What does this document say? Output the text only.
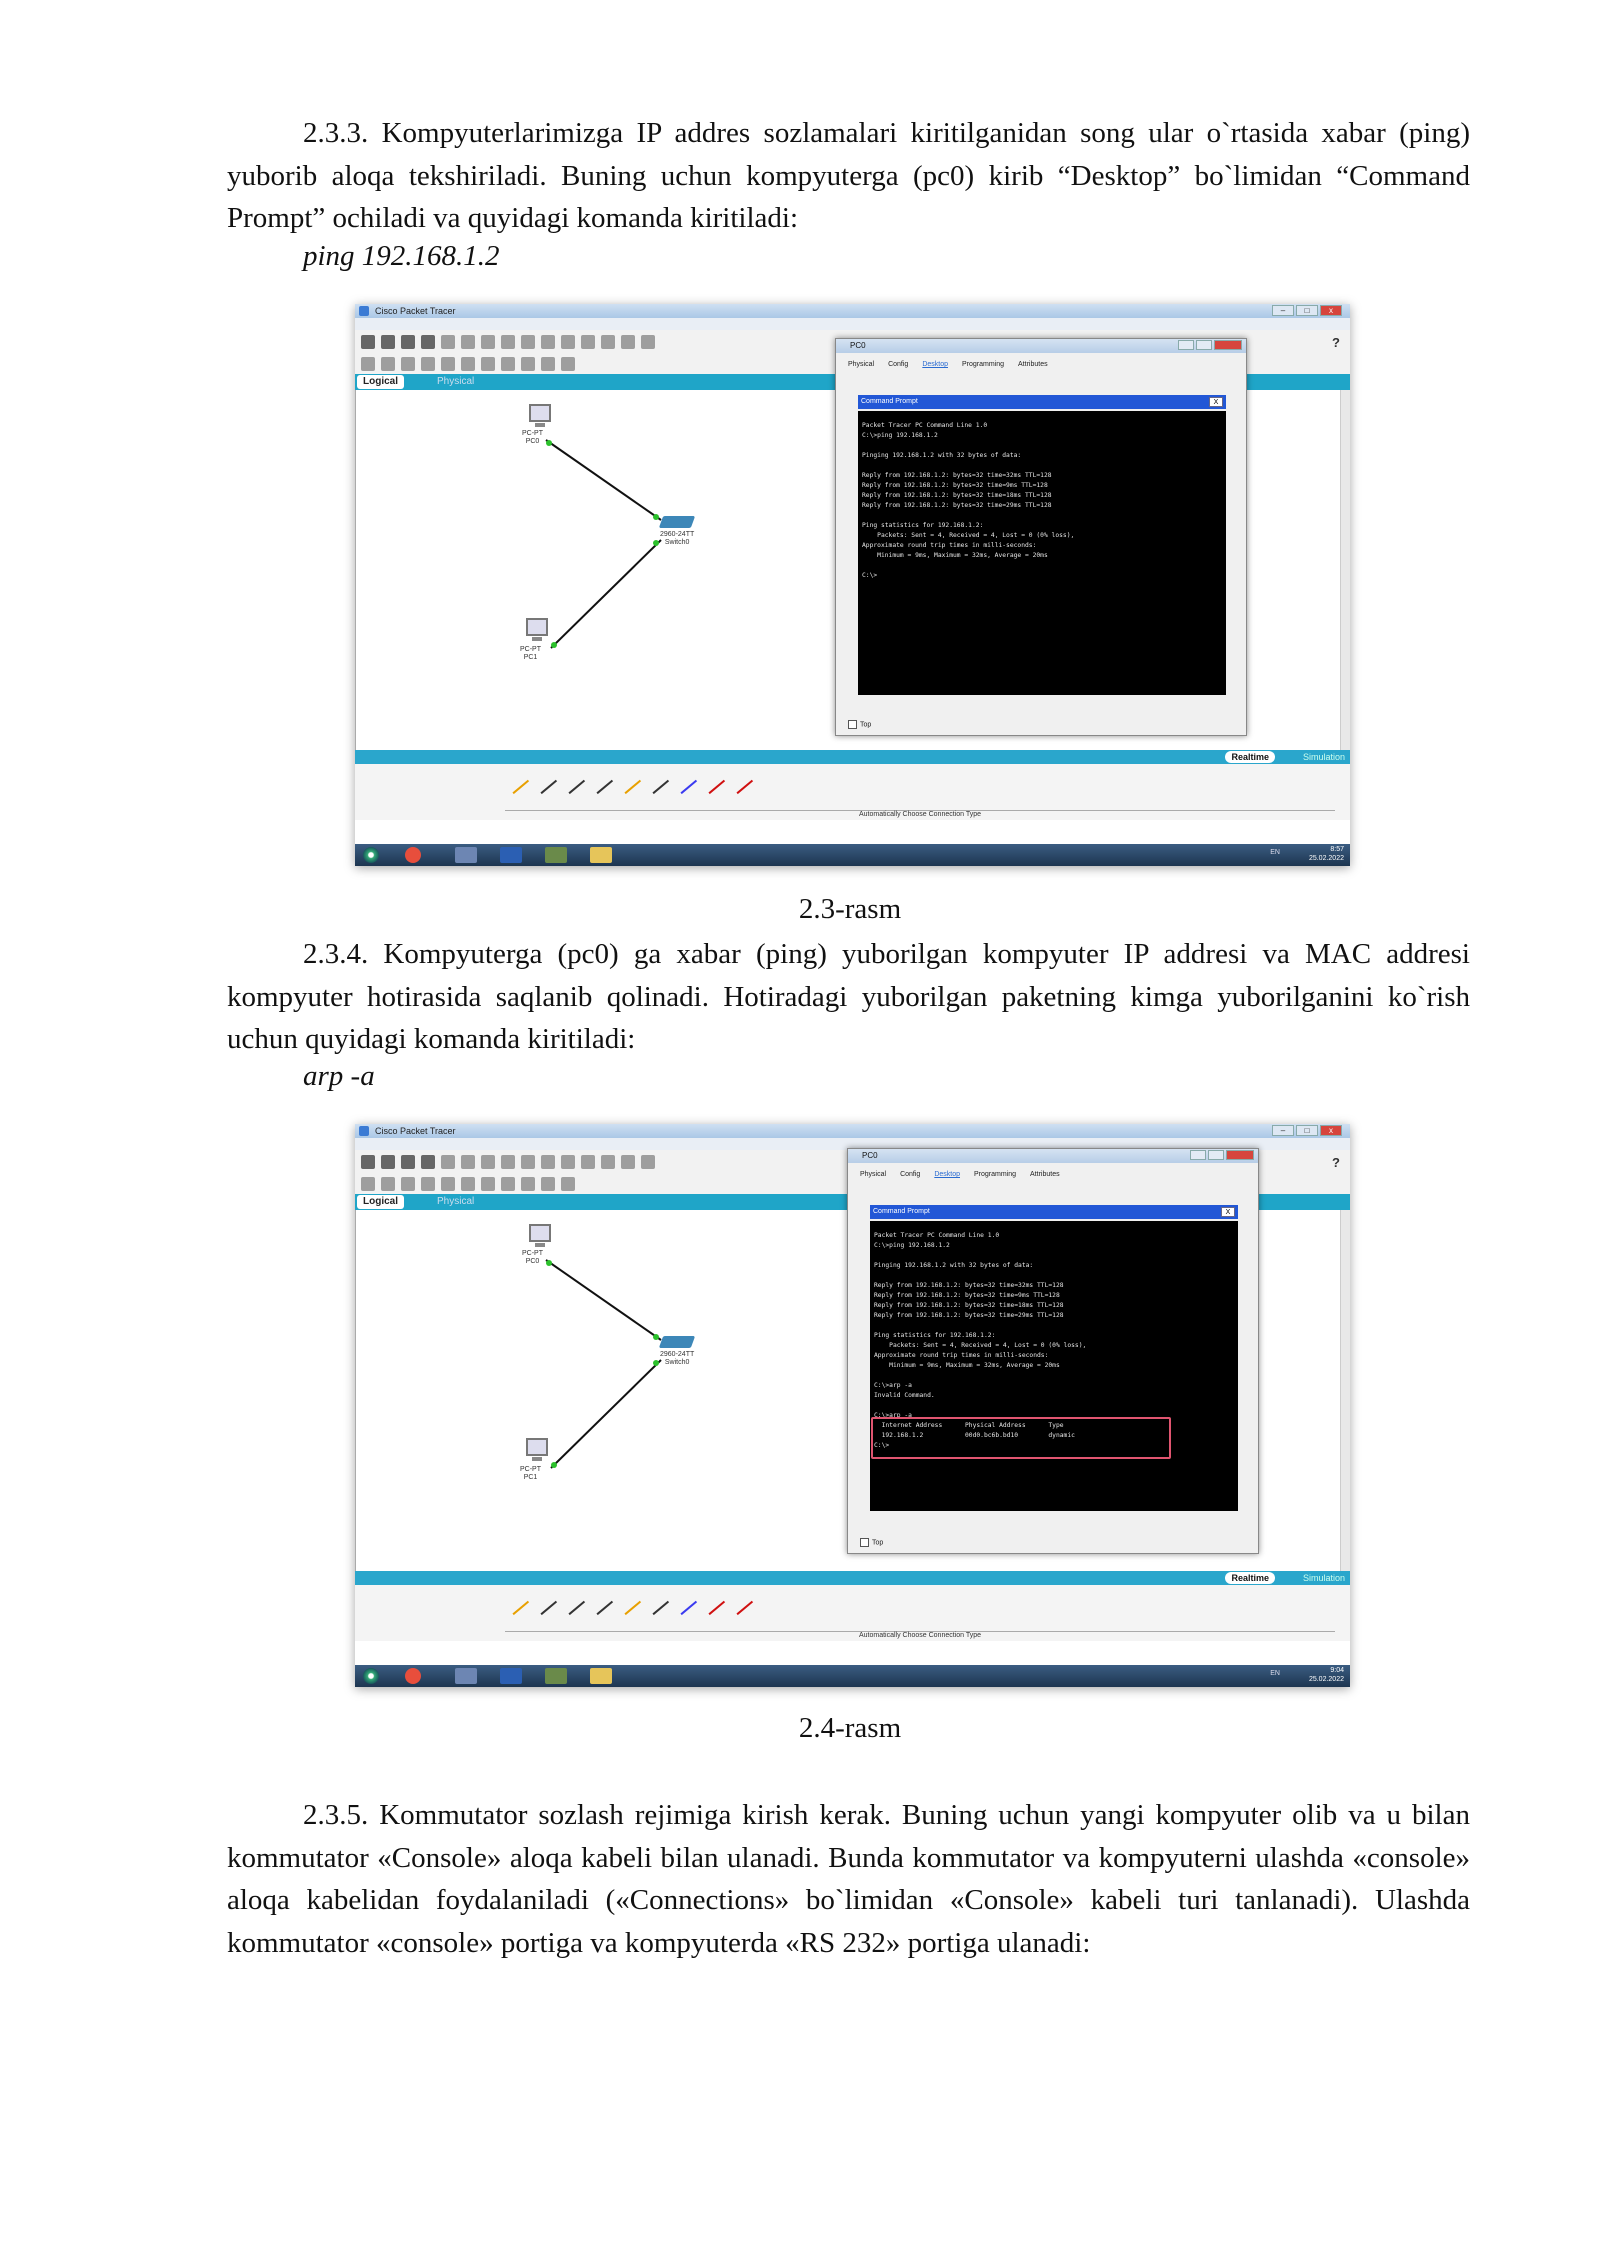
2.3.3. Kompyuterlarimizga IP addres sozlamalari kiritilganidan song ular o`rtasida xabar (ping) yuborib aloqa tekshiriladi. Buning uchun kompyuterga (pc0) kirib “Desktop” bo`limidan “Command Prompt” ochiladi va quyidagi komanda kiritiladi:

ping 192.168.1.2

Cisco Packet Tracer	–	□	x
?
Logical	Physical
PC-PT
PC0
2960-24TT
Switch0
PC-PT
PC1
Realtime	Simulation
Automatically Choose Connection Type
EN	8:57
25.02.2022
PC0
Physical Config Desktop Programming Attributes
Command Prompt	X
Packet Tracer PC Command Line 1.0
C:\>ping 192.168.1.2

Pinging 192.168.1.2 with 32 bytes of data:

Reply from 192.168.1.2: bytes=32 time=32ms TTL=128
Reply from 192.168.1.2: bytes=32 time=9ms TTL=128
Reply from 192.168.1.2: bytes=32 time=18ms TTL=128
Reply from 192.168.1.2: bytes=32 time=29ms TTL=128

Ping statistics for 192.168.1.2:
Packets: Sent = 4, Received = 4, Lost = 0 (0% loss),
Approximate round trip times in milli-seconds:
Minimum = 9ms, Maximum = 32ms, Average = 20ms

C:\>
Top

2.3-rasm

2.3.4. Kompyuterga (pc0) ga xabar (ping) yuborilgan kompyuter IP addresi va MAC addresi kompyuter hotirasida saqlanib qolinadi. Hotiradagi yuborilgan paketning kimga yuborilganini ko`rish uchun quyidagi komanda kiritiladi:

arp -a

Cisco Packet Tracer	–	□	x
?
Logical	Physical
PC-PT
PC0
2960-24TT
Switch0
PC-PT
PC1
Realtime	Simulation
Automatically Choose Connection Type
EN	9:04
25.02.2022
PC0
Physical Config Desktop Programming Attributes
Command Prompt	X
Packet Tracer PC Command Line 1.0
C:\>ping 192.168.1.2

Pinging 192.168.1.2 with 32 bytes of data:

Reply from 192.168.1.2: bytes=32 time=32ms TTL=128
Reply from 192.168.1.2: bytes=32 time=9ms TTL=128
Reply from 192.168.1.2: bytes=32 time=18ms TTL=128
Reply from 192.168.1.2: bytes=32 time=29ms TTL=128

Ping statistics for 192.168.1.2:
Packets: Sent = 4, Received = 4, Lost = 0 (0% loss),
Approximate round trip times in milli-seconds:
Minimum = 9ms, Maximum = 32ms, Average = 20ms

C:\>arp -a
Invalid Command.

C:\>arp -a
Internet Address      Physical Address      Type
192.168.1.2           00d0.bc6b.bd10        dynamic
C:\>
Top

2.4-rasm

2.3.5. Kommutator sozlash rejimiga kirish kerak. Buning uchun yangi kompyuter olib va u bilan kommutator «Console» aloqa kabeli bilan ulanadi. Bunda kommutator va kompyuterni ulashda «console» aloqa kabelidan foydalaniladi («Connections» bo`limidan «Console» kabeli turi tanlanadi). Ulashda kommutator «console» portiga va kompyuterda «RS 232» portiga ulanadi:
